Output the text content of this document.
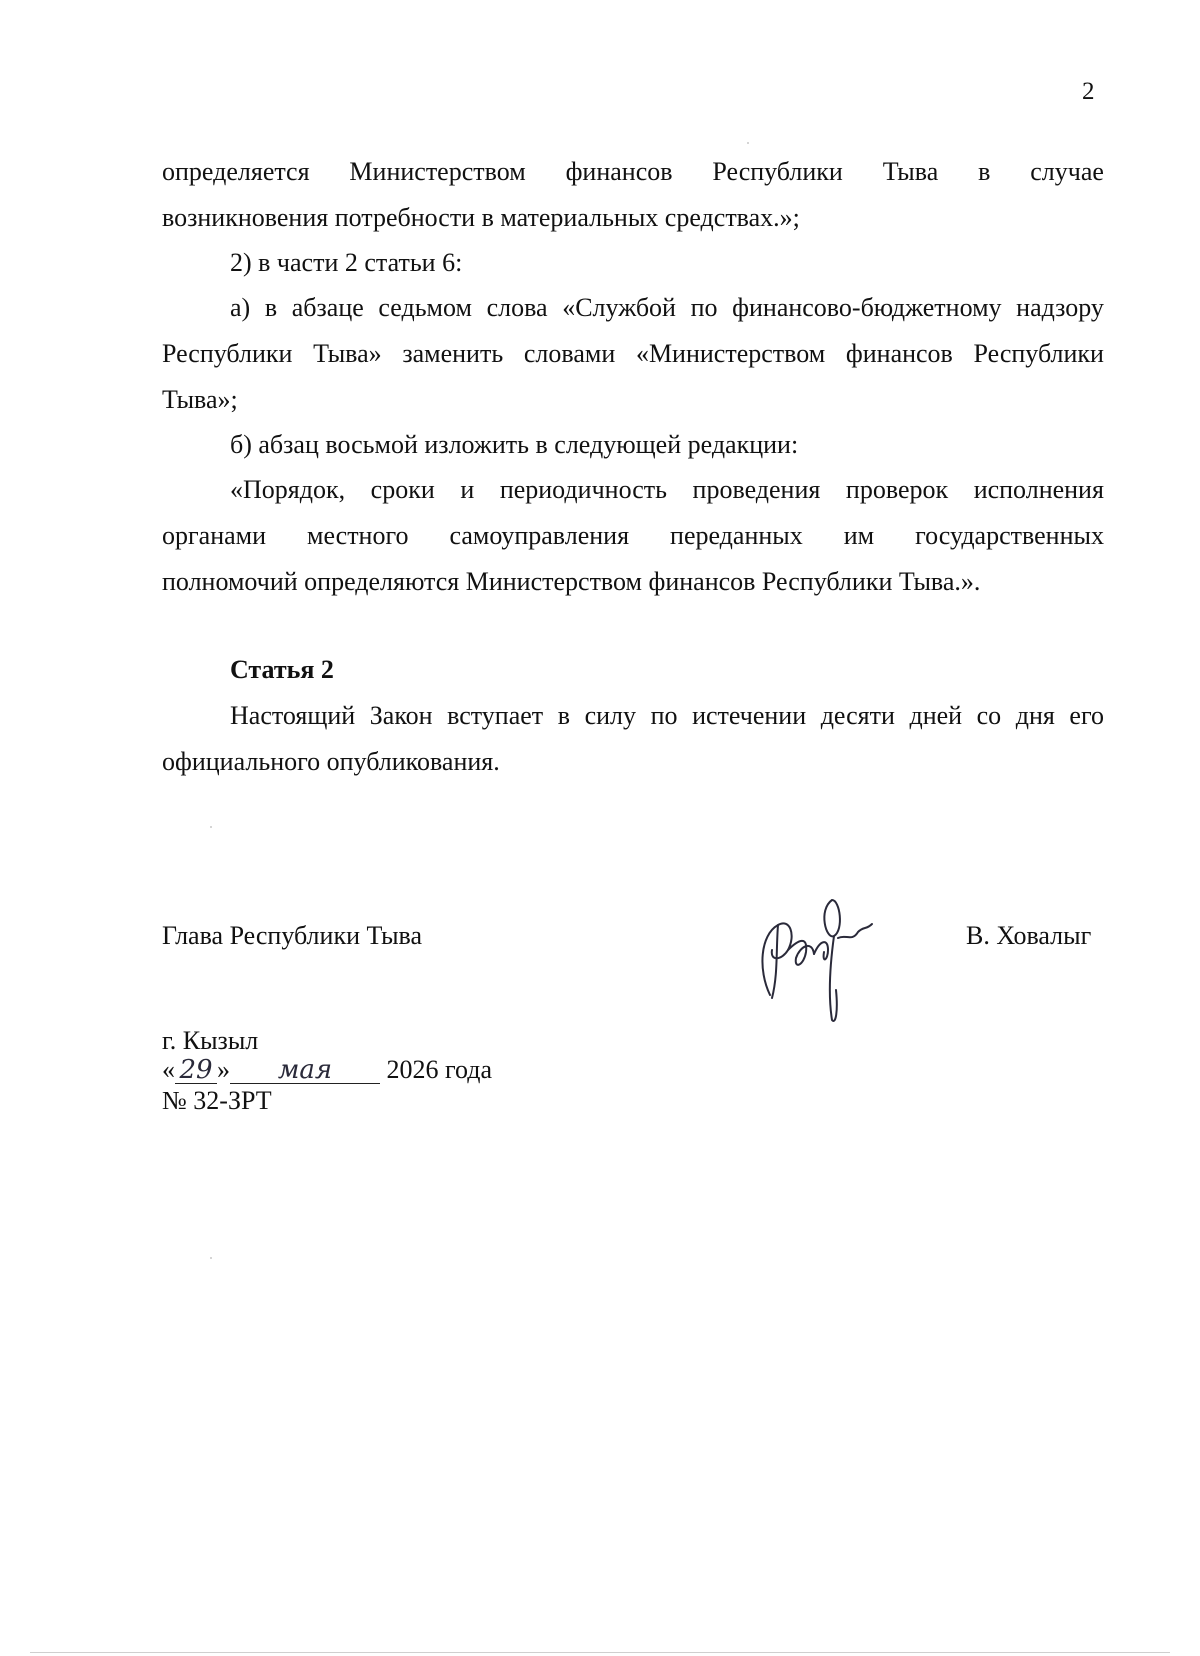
2
определяется Министерством финансов Республики Тыва в случае
возникновения потребности в материальных средствах.»;
2) в части 2 статьи 6:
а) в абзаце седьмом слова «Службой по финансово-бюджетному надзору
Республики Тыва» заменить словами «Министерством финансов Республики
Тыва»;
б) абзац восьмой изложить в следующей редакции:
«Порядок, сроки и периодичность проведения проверок исполнения
органами местного самоуправления переданных им государственных
полномочий определяются Министерством финансов Республики Тыва.».
Статья 2
Настоящий Закон вступает в силу по истечении десяти дней со дня его
официального опубликования.
Глава Республики Тыва	В. Ховалыг
г. Кызыл
« 29 » мая 2026 года
№ 32-ЗРТ
